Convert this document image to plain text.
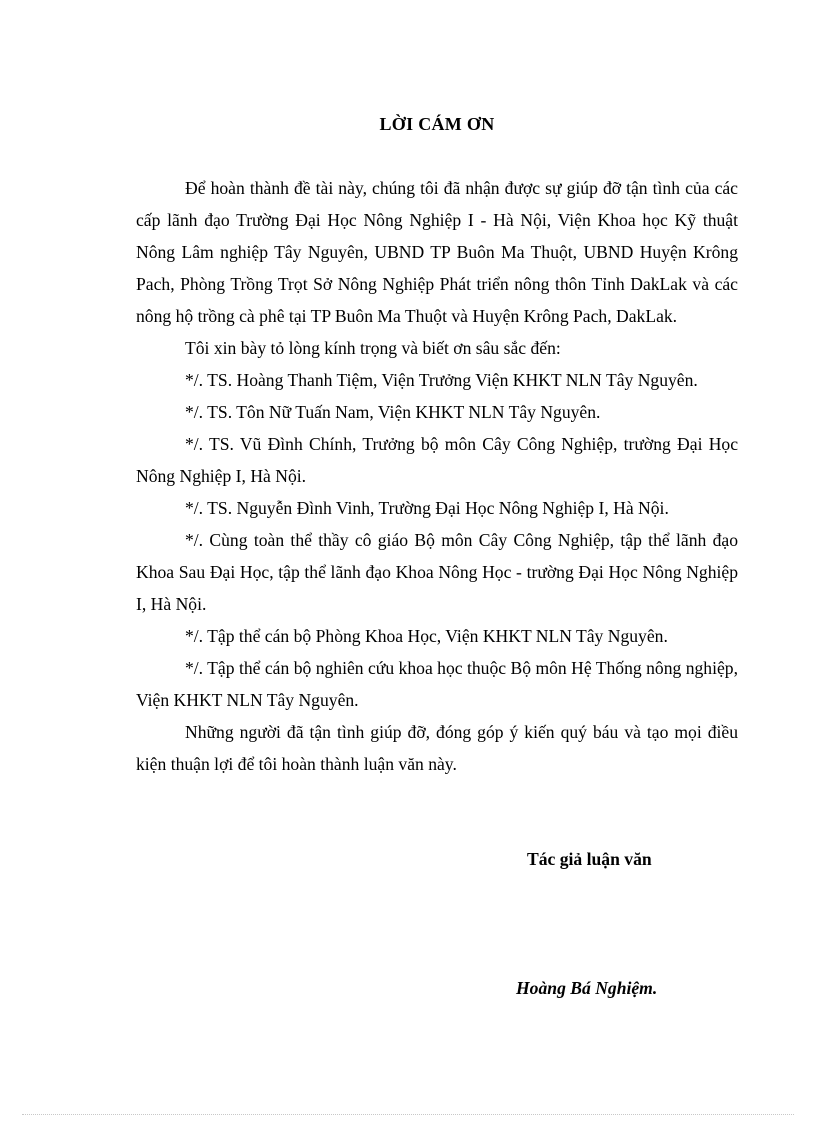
LỜI CÁM ƠN

Để hoàn thành đề tài này, chúng tôi đã nhận được sự giúp đỡ tận tình của các cấp lãnh đạo Trường Đại Học Nông Nghiệp I - Hà Nội, Viện Khoa học Kỹ thuật Nông Lâm nghiệp Tây Nguyên, UBND TP Buôn Ma Thuột, UBND Huyện Krông Pach, Phòng Trồng Trọt Sở Nông Nghiệp Phát triển nông thôn Tỉnh DakLak và các nông hộ trồng cà phê tại TP Buôn Ma Thuột và Huyện Krông Pach, DakLak.

Tôi xin bày tỏ lòng kính trọng và biết ơn sâu sắc đến:

*/. TS. Hoàng Thanh Tiệm, Viện Trưởng Viện KHKT NLN Tây Nguyên.

*/. TS. Tôn Nữ Tuấn Nam, Viện KHKT NLN Tây Nguyên.

*/. TS. Vũ Đình Chính, Trưởng bộ môn Cây Công Nghiệp, trường Đại Học Nông Nghiệp I, Hà Nội.

*/. TS. Nguyễn Đình Vinh, Trường Đại Học Nông Nghiệp I, Hà Nội.

*/. Cùng toàn thể thầy cô giáo Bộ môn Cây Công Nghiệp, tập thể lãnh đạo Khoa Sau Đại Học, tập thể lãnh đạo Khoa Nông Học - trường Đại Học Nông Nghiệp I, Hà Nội.

*/. Tập thể cán bộ Phòng Khoa Học, Viện KHKT NLN Tây Nguyên.

*/. Tập thể cán bộ nghiên cứu khoa học thuộc Bộ môn Hệ Thống nông nghiệp, Viện KHKT NLN Tây Nguyên.

Những người đã tận tình giúp đỡ, đóng góp ý kiến quý báu và tạo mọi điều kiện thuận lợi để tôi hoàn thành luận văn này.

Tác giả luận văn
Hoàng Bá Nghiệm.
